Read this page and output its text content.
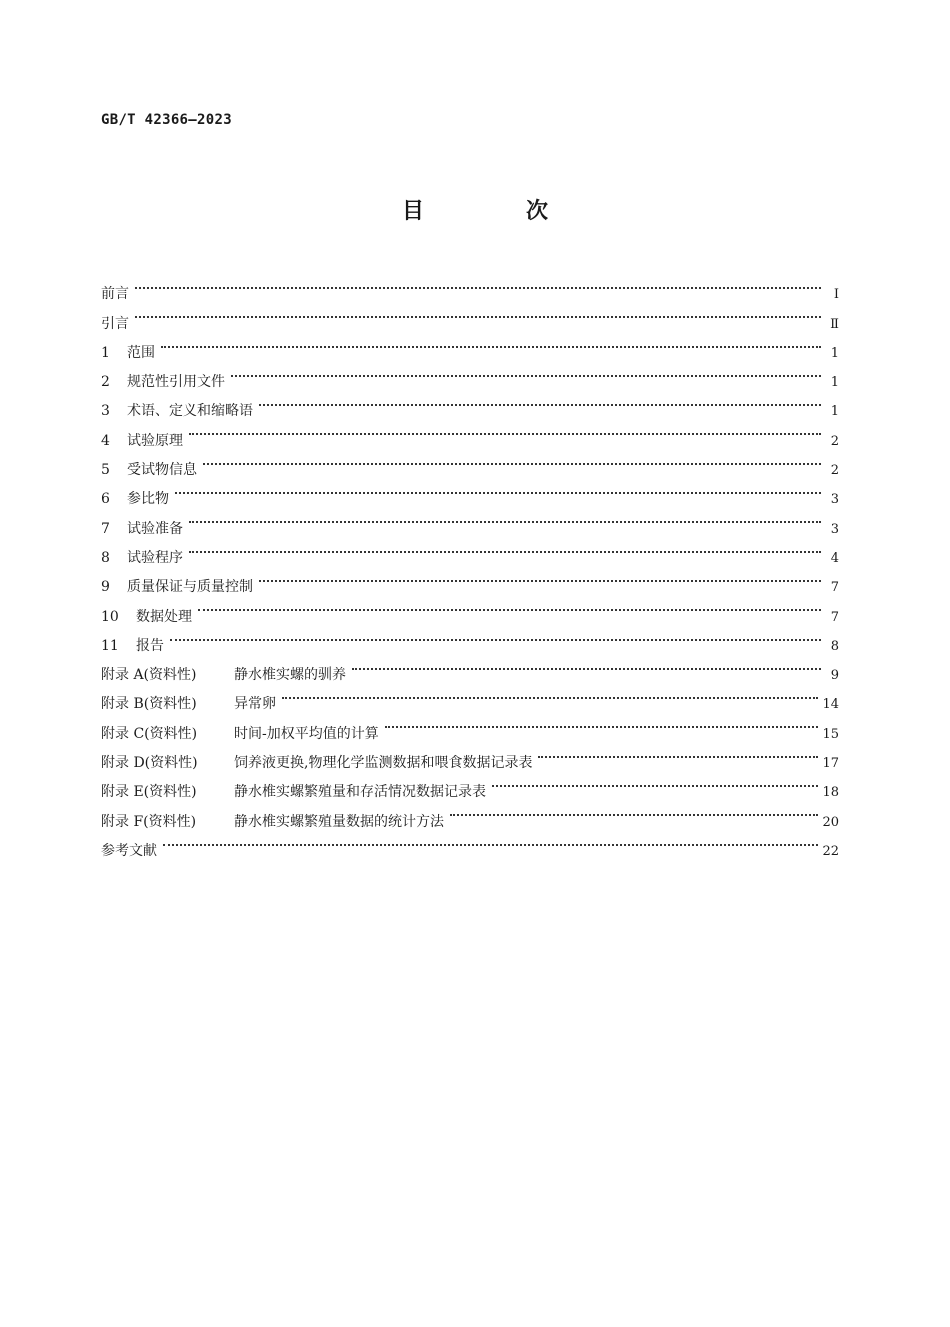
GB/T 42366—2023
目　次
前言	Ⅰ
引言	Ⅱ
1	范围	1
2	规范性引用文件	1
3	术语、定义和缩略语	1
4	试验原理	2
5	受试物信息	2
6	参比物	3
7	试验准备	3
8	试验程序	4
9	质量保证与质量控制	7
10	数据处理	7
11	报告	8
附录 A(资料性)	静水椎实螺的驯养	9
附录 B(资料性)	异常卵	14
附录 C(资料性)	时间-加权平均值的计算	15
附录 D(资料性)	饲养液更换,物理化学监测数据和喂食数据记录表	17
附录 E(资料性)	静水椎实螺繁殖量和存活情况数据记录表	18
附录 F(资料性)	静水椎实螺繁殖量数据的统计方法	20
参考文献	22
